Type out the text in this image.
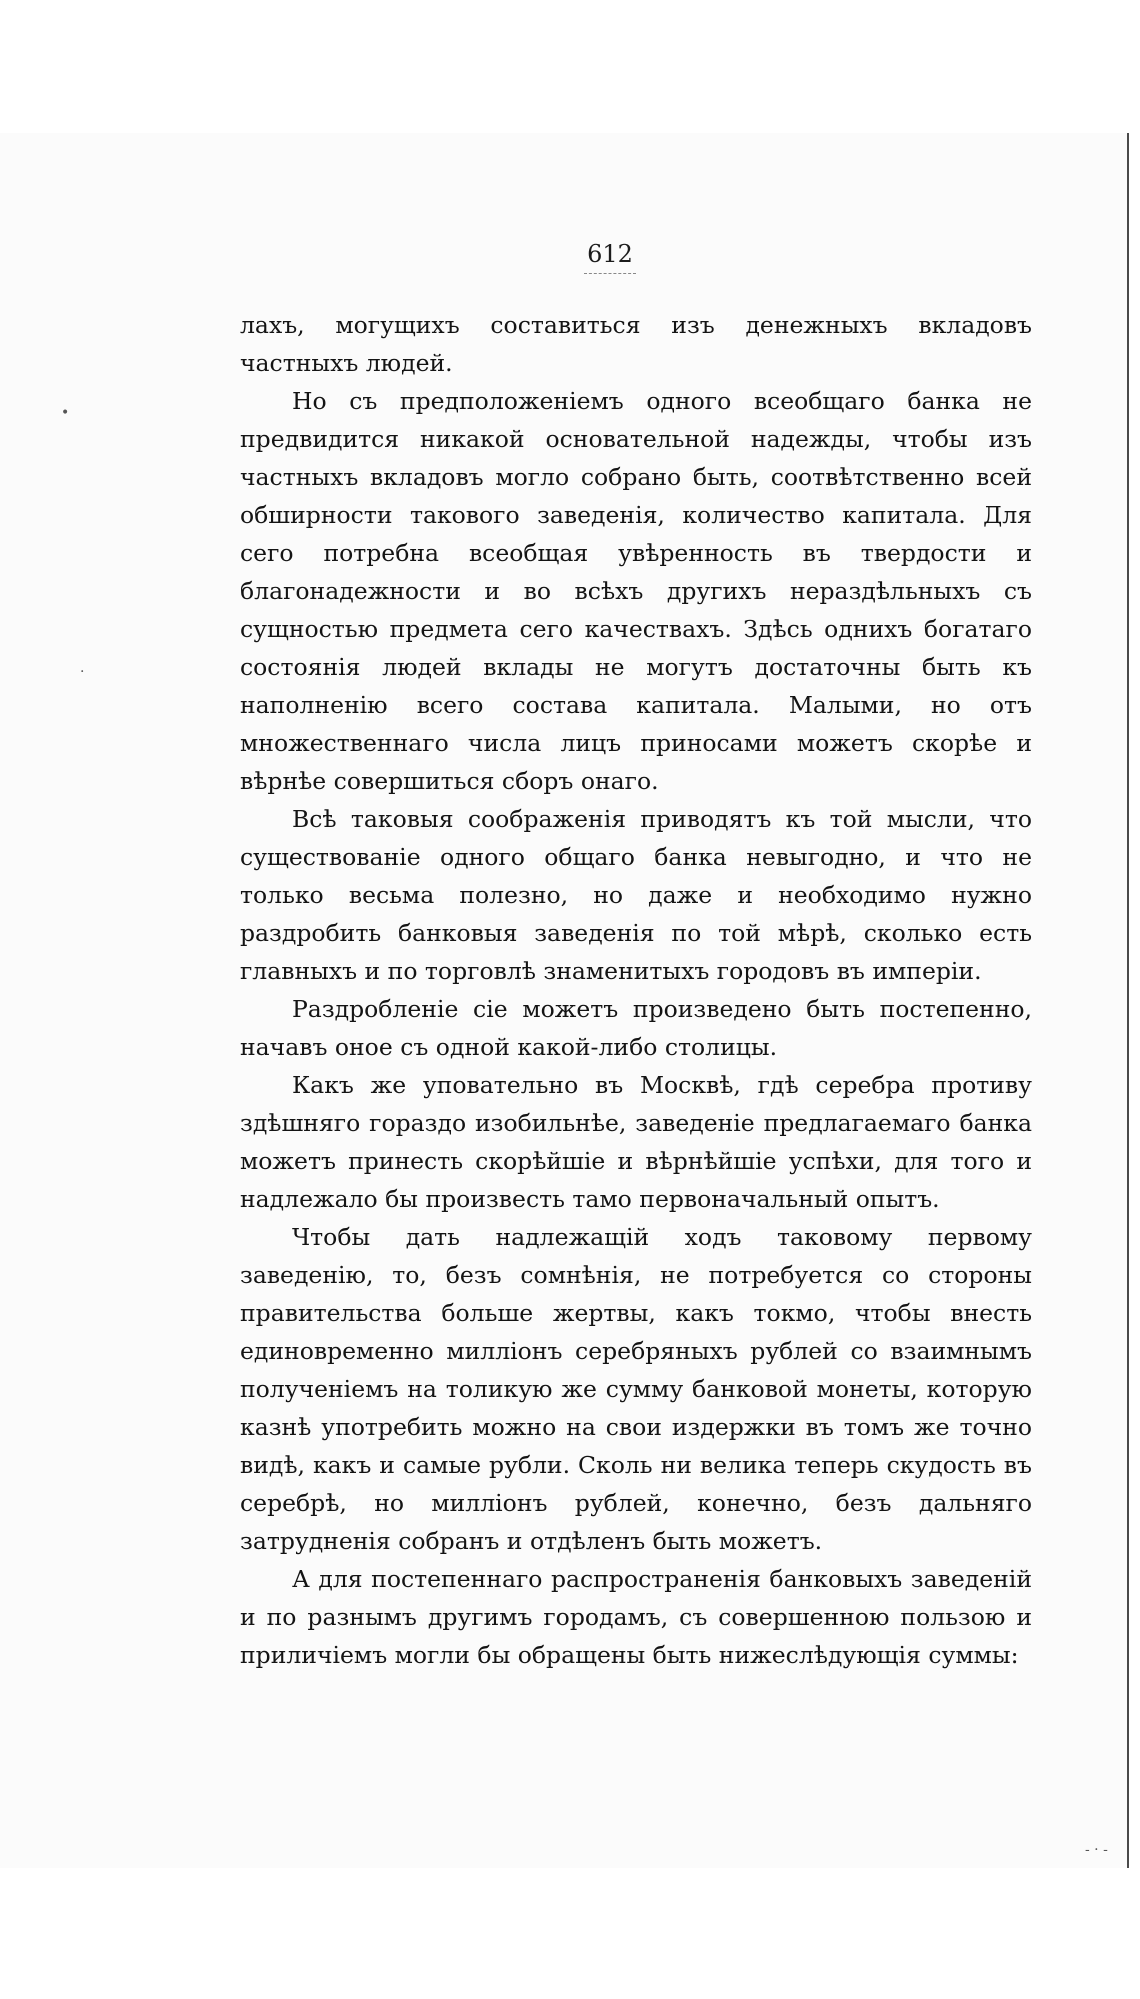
•
·
- · -
612

лахъ, могущихъ составиться изъ денежныхъ вкладовъ частныхъ людей.

Но съ предположенiемъ одного всеобщаго банка не предвидится никакой основательной надежды, чтобы изъ частныхъ вкладовъ могло собрано быть, соотвѣтственно всей обширности такового заведенiя, количество капитала. Для сего потребна всеобщая увѣренность въ твердости и благонадежности и во всѣхъ другихъ нераздѣльныхъ съ сущностью предмета сего качествахъ. Здѣсь однихъ богатаго состоянiя людей вклады не могутъ достаточны быть къ наполненiю всего состава капитала. Малыми, но отъ множественнаго числа лицъ приносами можетъ скорѣе и вѣрнѣе совершиться сборъ онаго.

Всѣ таковыя соображенiя приводятъ къ той мысли, что существованiе одного общаго банка невыгодно, и что не только весьма полезно, но даже и необходимо нужно раздробить банковыя заведенiя по той мѣрѣ, сколько есть главныхъ и по торговлѣ знаменитыхъ городовъ въ имперiи.

Раздробленiе сiе можетъ произведено быть постепенно, начавъ оное съ одной какой-либо столицы.

Какъ же уповательно въ Москвѣ, гдѣ серебра противу здѣшняго гораздо изобильнѣе, заведенiе предлагаемаго банка можетъ принесть скорѣйшiе и вѣрнѣйшiе успѣхи, для того и надлежало бы произвесть тамо первоначальный опытъ.

Чтобы дать надлежащiй ходъ таковому первому заведенiю, то, безъ сомнѣнiя, не потребуется со стороны правительства больше жертвы, какъ токмо, чтобы внесть единовременно миллiонъ серебряныхъ рублей со взаимнымъ полученiемъ на толикую же сумму банковой монеты, которую казнѣ употребить можно на свои издержки въ томъ же точно видѣ, какъ и самые рубли. Сколь ни велика теперь скудость въ серебрѣ, но миллiонъ рублей, конечно, безъ дальняго затрудненiя собранъ и отдѣленъ быть можетъ.

А для постепеннаго распространенiя банковыхъ заведенiй и по разнымъ другимъ городамъ, съ совершенною пользою и приличiемъ могли бы обращены быть нижеслѣдующiя суммы:
